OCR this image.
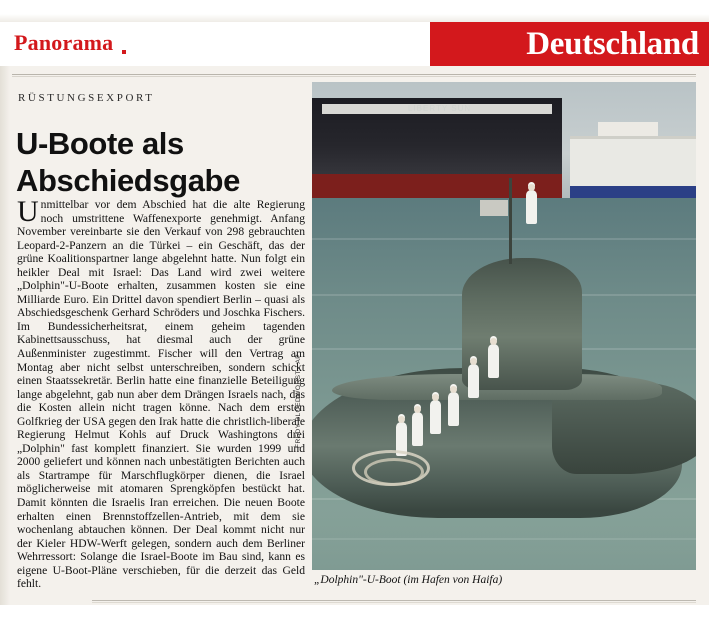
Deutschland
Panorama
RÜSTUNGSEXPORT
U-Boote als Abschiedsgabe
Unmittelbar vor dem Abschied hat die alte Regierung noch umstrittene Waffenexporte genehmigt. Anfang November vereinbarte sie den Verkauf von 298 gebrauchten Leopard-2-Panzern an die Türkei – ein Geschäft, das der grüne Koalitionspartner lange abgelehnt hatte. Nun folgt ein heikler Deal mit Israel: Das Land wird zwei weitere „Dolphin"-U-Boote erhalten, zusammen kosten sie eine Milliarde Euro. Ein Drittel davon spendiert Berlin – quasi als Abschiedsgeschenk Gerhard Schröders und Joschka Fischers. Im Bundessicherheitsrat, einem geheim tagenden Kabinettsausschuss, hat diesmal auch der grüne Außenminister zugestimmt. Fischer will den Vertrag am Montag aber nicht selbst unterschreiben, sondern schickt einen Staatssekretär. Berlin hatte eine finanzielle Beteiligung lange abgelehnt, gab nun aber dem Drängen Israels nach, das die Kosten allein nicht tragen könne. Nach dem ersten Golfkrieg der USA gegen den Irak hatte die christlich-liberale Regierung Helmut Kohls auf Druck Washingtons drei „Dolphin" fast komplett finanziert. Sie wurden 1999 und 2000 geliefert und können nach unbestätigten Berichten auch als Startrampe für Marschflugkörper dienen, die Israel möglicherweise mit atomaren Sprengköpfen bestückt hat. Damit könnten die Israelis Iran erreichen. Die neuen Boote erhalten einen Brennstoffzellen-Antrieb, mit dem sie wochenlang abtauchen können. Der Deal kommt nicht nur der Kieler HDW-Werft gelegen, sondern auch dem Berliner Wehrressort: Solange die Israel-Boote im Bau sind, kann es eigene U-Boot-Pläne verschieben, für die derzeit das Geld fehlt.
LIBERTY SUN
FREDY BLOEDWORST / AP
„Dolphin"-U-Boot (im Hafen von Haifa)
